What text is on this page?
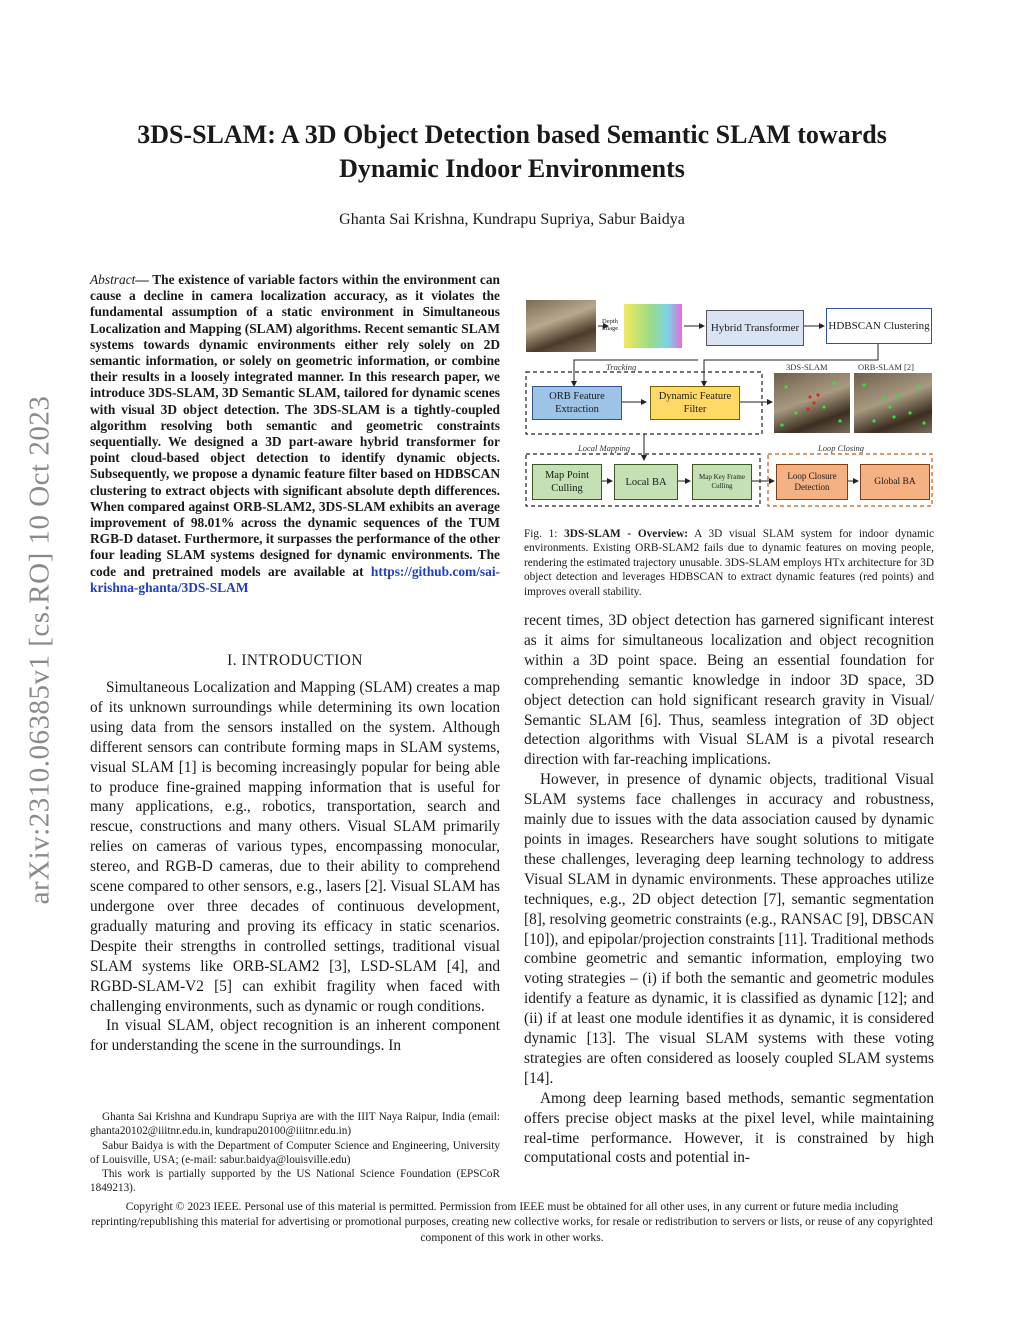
arXiv:2310.06385v1 [cs.RO] 10 Oct 2023
3DS-SLAM: A 3D Object Detection based Semantic SLAM towards
Dynamic Indoor Environments
Ghanta Sai Krishna, Kundrapu Supriya, Sabur Baidya
Abstract— The existence of variable factors within the environment can cause a decline in camera localization accuracy, as it violates the fundamental assumption of a static environment in Simultaneous Localization and Mapping (SLAM) algorithms. Recent semantic SLAM systems towards dynamic environments either rely solely on 2D semantic information, or solely on geometric information, or combine their results in a loosely integrated manner. In this research paper, we introduce 3DS-SLAM, 3D Semantic SLAM, tailored for dynamic scenes with visual 3D object detection. The 3DS-SLAM is a tightly-coupled algorithm resolving both semantic and geometric constraints sequentially. We designed a 3D part-aware hybrid transformer for point cloud-based object detection to identify dynamic objects. Subsequently, we propose a dynamic feature filter based on HDBSCAN clustering to extract objects with significant absolute depth differences. When compared against ORB-SLAM2, 3DS-SLAM exhibits an average improvement of 98.01% across the dynamic sequences of the TUM RGB-D dataset. Furthermore, it surpasses the performance of the other four leading SLAM systems designed for dynamic environments. The code and pretrained models are available at https://github.com/sai-krishna-ghanta/3DS-SLAM
I. INTRODUCTION

Simultaneous Localization and Mapping (SLAM) creates a map of its unknown surroundings while determining its own location using data from the sensors installed on the system. Although different sensors can contribute forming maps in SLAM systems, visual SLAM [1] is becoming increasingly popular for being able to produce fine-grained mapping information that is useful for many applications, e.g., robotics, transportation, search and rescue, constructions and many others. Visual SLAM primarily relies on cameras of various types, encompassing monocular, stereo, and RGB-D cameras, due to their ability to comprehend scene compared to other sensors, e.g., lasers [2]. Visual SLAM has undergone over three decades of continuous development, gradually maturing and proving its efficacy in static scenarios. Despite their strengths in controlled settings, traditional visual SLAM systems like ORB-SLAM2 [3], LSD-SLAM [4], and RGBD-SLAM-V2 [5] can exhibit fragility when faced with challenging environments, such as dynamic or rough conditions.

In visual SLAM, object recognition is an inherent component for understanding the scene in the surroundings. In

Ghanta Sai Krishna and Kundrapu Supriya are with the IIIT Naya Raipur, India (email: ghanta20102@iiitnr.edu.in, kundrapu20100@iiitnr.edu.in)

Sabur Baidya is with the Department of Computer Science and Engineering, University of Louisville, USA; (e-mail: sabur.baidya@louisville.edu)

This work is partially supported by the US National Science Foundation (EPSCoR 1849213).

Depth Image	Hybrid Transformer	HDBSCAN Clustering
Tracking
ORB Feature Extraction
Dynamic Feature Filter
3DS-SLAM	ORB-SLAM [2]
Local Mapping	Loop Closing
Map Point Culling
Local BA	Map Key Frame Culling
Loop Closure Detection
Global BA
Fig. 1: 3DS-SLAM - Overview: A 3D visual SLAM system for indoor dynamic environments. Existing ORB-SLAM2 fails due to dynamic features on moving people, rendering the estimated trajectory unusable. 3DS-SLAM employs HTx architecture for 3D object detection and leverages HDBSCAN to extract dynamic features (red points) and improves overall stability.

recent times, 3D object detection has garnered significant interest as it aims for simultaneous localization and object recognition within a 3D point space. Being an essential foundation for comprehending semantic knowledge in indoor 3D space, 3D object detection can hold significant research gravity in Visual/ Semantic SLAM [6]. Thus, seamless integration of 3D object detection algorithms with Visual SLAM is a pivotal research direction with far-reaching implications.

However, in presence of dynamic objects, traditional Visual SLAM systems face challenges in accuracy and robustness, mainly due to issues with the data association caused by dynamic points in images. Researchers have sought solutions to mitigate these challenges, leveraging deep learning technology to address Visual SLAM in dynamic environments. These approaches utilize techniques, e.g., 2D object detection [7], semantic segmentation [8], resolving geometric constraints (e.g., RANSAC [9], DBSCAN [10]), and epipolar/projection constraints [11]. Traditional methods combine geometric and semantic information, employing two voting strategies – (i) if both the semantic and geometric modules identify a feature as dynamic, it is classified as dynamic [12]; and (ii) if at least one module identifies it as dynamic, it is considered dynamic [13]. The visual SLAM systems with these voting strategies are often considered as loosely coupled SLAM systems [14].

Among deep learning based methods, semantic segmentation offers precise object masks at the pixel level, while maintaining real-time performance. However, it is constrained by high computational costs and potential in-

Copyright © 2023 IEEE. Personal use of this material is permitted. Permission from IEEE must be obtained for all other uses, in any current or future media including reprinting/republishing this material for advertising or promotional purposes, creating new collective works, for resale or redistribution to servers or lists, or reuse of any copyrighted component of this work in other works.
